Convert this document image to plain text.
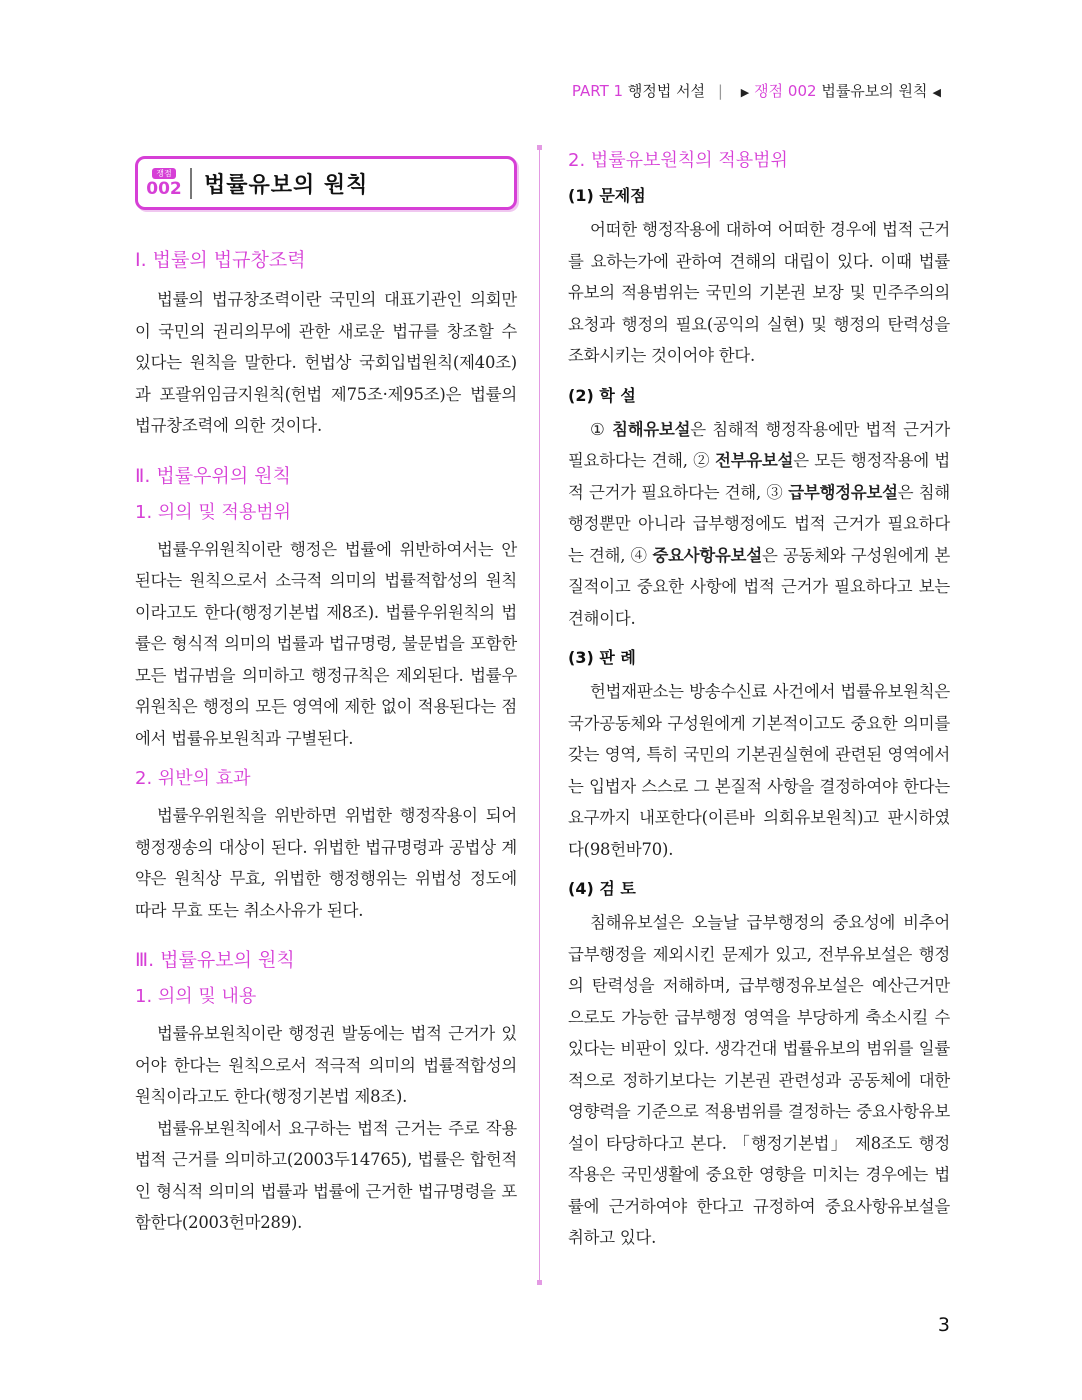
PART 1 행정법 서설 | ▶ 쟁점 002 법률유보의 원칙 ◀
쟁점
002 법률유보의 원칙
Ⅰ. 법률의 법규창조력

법률의 법규창조력이란 국민의 대표기관인 의회만이 국민의 권리의무에 관한 새로운 법규를 창조할 수 있다는 원칙을 말한다. 헌법상 국회입법원칙(제40조)과 포괄위임금지원칙(헌법 제75조·제95조)은 법률의 법규창조력에 의한 것이다.

Ⅱ. 법률우위의 원칙
1. 의의 및 적용범위

법률우위원칙이란 행정은 법률에 위반하여서는 안 된다는 원칙으로서 소극적 의미의 법률적합성의 원칙이라고도 한다(행정기본법 제8조). 법률우위원칙의 법률은 형식적 의미의 법률과 법규명령, 불문법을 포함한 모든 법규범을 의미하고 행정규칙은 제외된다. 법률우위원칙은 행정의 모든 영역에 제한 없이 적용된다는 점에서 법률유보원칙과 구별된다.

2. 위반의 효과

법률우위원칙을 위반하면 위법한 행정작용이 되어 행정쟁송의 대상이 된다. 위법한 법규명령과 공법상 계약은 원칙상 무효, 위법한 행정행위는 위법성 정도에 따라 무효 또는 취소사유가 된다.

Ⅲ. 법률유보의 원칙
1. 의의 및 내용

법률유보원칙이란 행정권 발동에는 법적 근거가 있어야 한다는 원칙으로서 적극적 의미의 법률적합성의 원칙이라고도 한다(행정기본법 제8조).

법률유보원칙에서 요구하는 법적 근거는 주로 작용법적 근거를 의미하고(2003두14765), 법률은 합헌적인 형식적 의미의 법률과 법률에 근거한 법규명령을 포함한다(2003헌마289).

2. 법률유보원칙의 적용범위
(1) 문제점

어떠한 행정작용에 대하여 어떠한 경우에 법적 근거를 요하는가에 관하여 견해의 대립이 있다. 이때 법률유보의 적용범위는 국민의 기본권 보장 및 민주주의의 요청과 행정의 필요(공익의 실현) 및 행정의 탄력성을 조화시키는 것이어야 한다.

(2) 학 설

① 침해유보설은 침해적 행정작용에만 법적 근거가 필요하다는 견해, ② 전부유보설은 모든 행정작용에 법적 근거가 필요하다는 견해, ③ 급부행정유보설은 침해행정뿐만 아니라 급부행정에도 법적 근거가 필요하다는 견해, ④ 중요사항유보설은 공동체와 구성원에게 본질적이고 중요한 사항에 법적 근거가 필요하다고 보는 견해이다.

(3) 판 례

헌법재판소는 방송수신료 사건에서 법률유보원칙은 국가공동체와 구성원에게 기본적이고도 중요한 의미를 갖는 영역, 특히 국민의 기본권실현에 관련된 영역에서는 입법자 스스로 그 본질적 사항을 결정하여야 한다는 요구까지 내포한다(이른바 의회유보원칙)고 판시하였다(98헌바70).

(4) 검 토

침해유보설은 오늘날 급부행정의 중요성에 비추어 급부행정을 제외시킨 문제가 있고, 전부유보설은 행정의 탄력성을 저해하며, 급부행정유보설은 예산근거만으로도 가능한 급부행정 영역을 부당하게 축소시킬 수 있다는 비판이 있다. 생각건대 법률유보의 범위를 일률적으로 정하기보다는 기본권 관련성과 공동체에 대한 영향력을 기준으로 적용범위를 결정하는 중요사항유보설이 타당하다고 본다. 「행정기본법」 제8조도 행정작용은 국민생활에 중요한 영향을 미치는 경우에는 법률에 근거하여야 한다고 규정하여 중요사항유보설을 취하고 있다.

3
